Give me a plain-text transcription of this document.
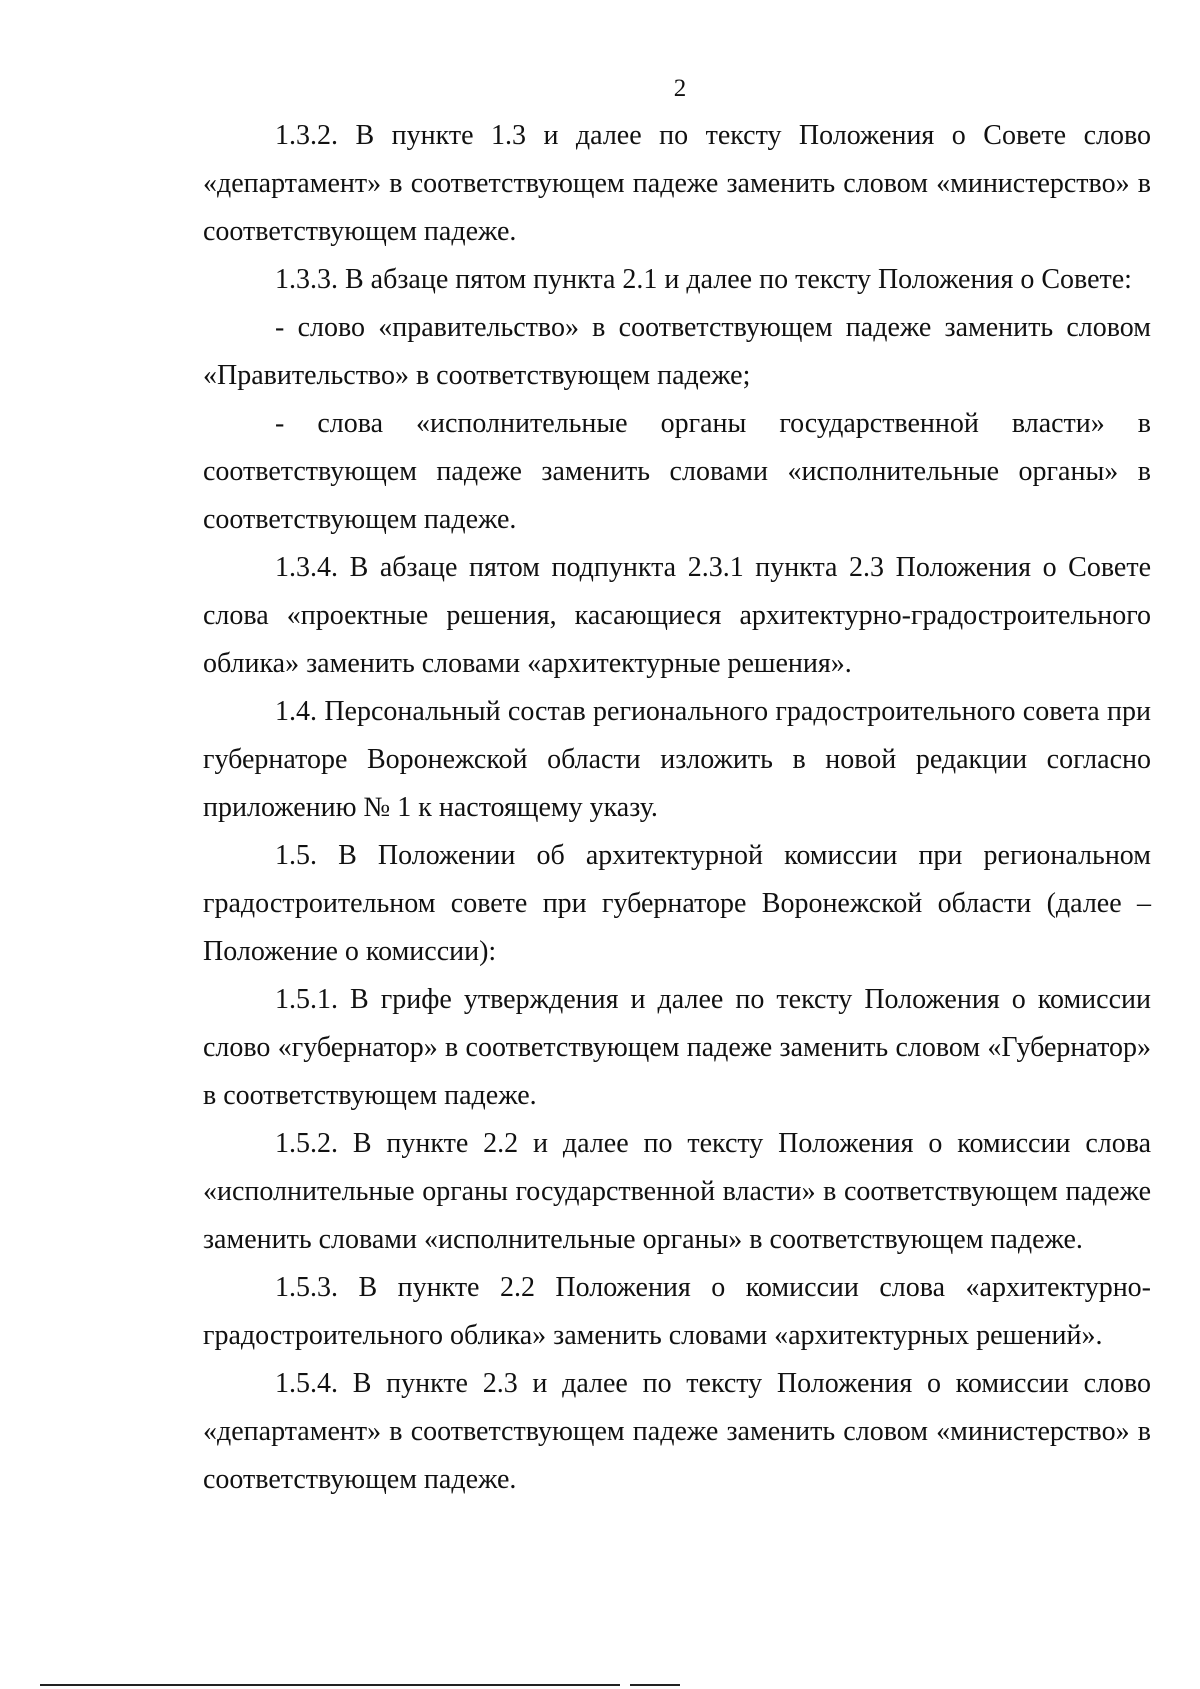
2

1.3.2. В пункте 1.3 и далее по тексту Положения о Совете слово «департамент» в соответствующем падеже заменить словом «министерство» в соответствующем падеже.

1.3.3. В абзаце пятом пункта 2.1 и далее по тексту Положения о Совете:

- слово «правительство» в соответствующем падеже заменить словом «Правительство» в соответствующем падеже;

- слова «исполнительные органы государственной власти» в соответствующем падеже заменить словами «исполнительные органы» в соответствующем падеже.

1.3.4. В абзаце пятом подпункта 2.3.1 пункта 2.3 Положения о Совете слова «проектные решения, касающиеся архитектурно-градостроительного облика» заменить словами «архитектурные решения».

1.4. Персональный состав регионального градостроительного совета при губернаторе Воронежской области изложить в новой редакции согласно приложению № 1 к настоящему указу.

1.5. В Положении об архитектурной комиссии при региональном градостроительном совете при губернаторе Воронежской области (далее – Положение о комиссии):

1.5.1. В грифе утверждения и далее по тексту Положения о комиссии слово «губернатор» в соответствующем падеже заменить словом «Губернатор» в соответствующем падеже.

1.5.2. В пункте 2.2 и далее по тексту Положения о комиссии слова «исполнительные органы государственной власти» в соответствующем падеже заменить словами «исполнительные органы» в соответствующем падеже.

1.5.3. В пункте 2.2 Положения о комиссии слова «архитектурно-градостроительного облика» заменить словами «архитектурных решений».

1.5.4. В пункте 2.3 и далее по тексту Положения о комиссии слово «департамент» в соответствующем падеже заменить словом «министерство» в соответствующем падеже.
